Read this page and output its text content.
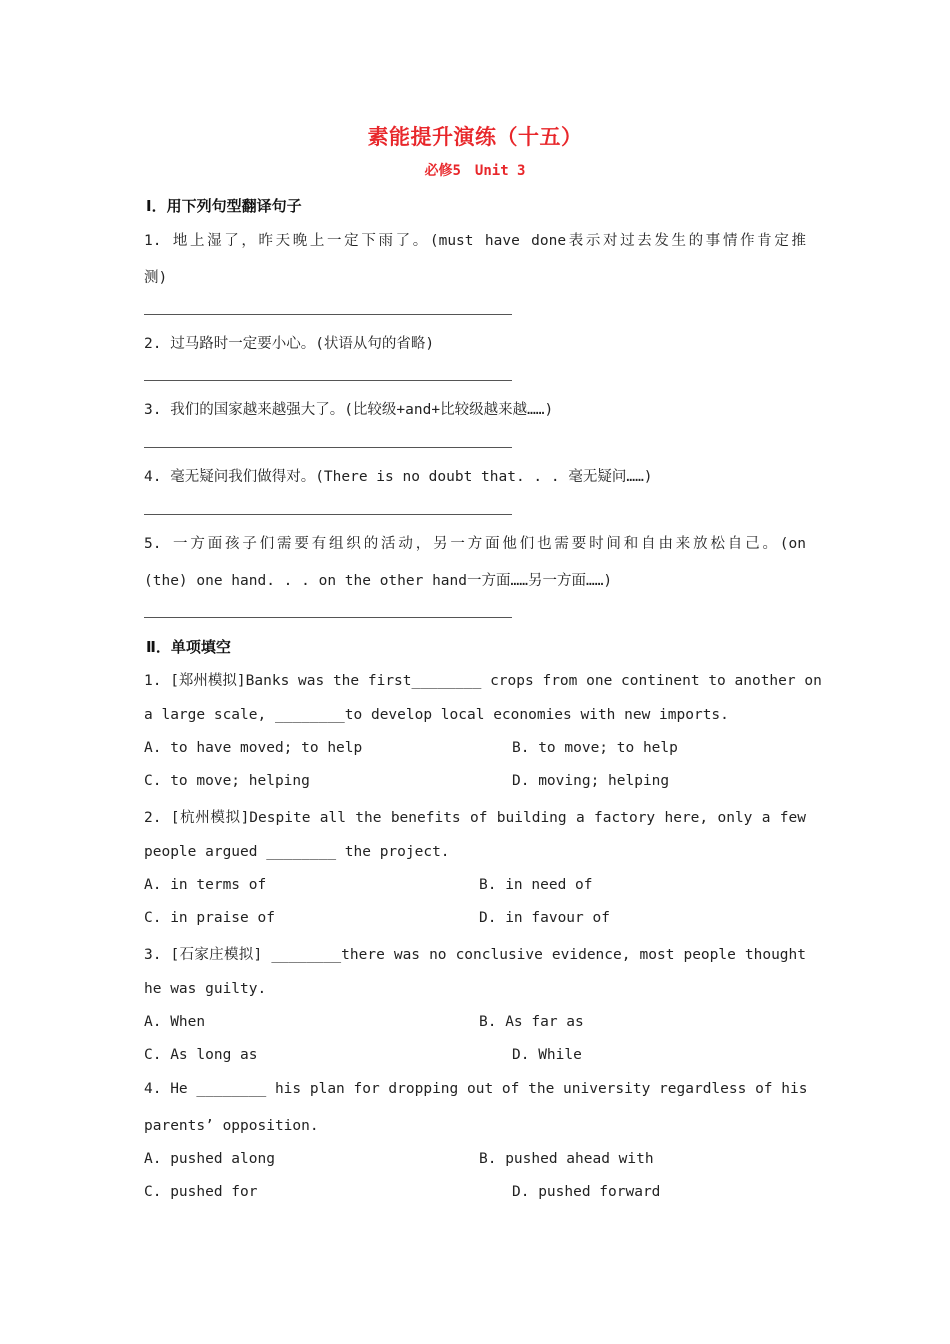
素能提升演练（十五）
必修5　Unit 3
Ⅰ．用下列句型翻译句子
1. 地上湿了，昨天晚上一定下雨了。(must have done表示对过去发生的事情作肯定推
测)
2. 过马路时一定要小心。(状语从句的省略)
3. 我们的国家越来越强大了。(比较级+and+比较级越来越……)
4. 毫无疑问我们做得对。(There is no doubt that. . . 毫无疑问……)
5. 一方面孩子们需要有组织的活动，另一方面他们也需要时间和自由来放松自己。(on
(the) one hand. . . on the other hand一方面……另一方面……)
Ⅱ．单项填空
1. [郑州模拟]Banks was the first________ crops from one continent to another on
a large scale, ________to develop local economies with new imports.
A. to have moved; to help	B. to move; to help
C. to move; helping	D. moving; helping
2. [杭州模拟]Despite all the benefits of building a factory here, only a few
people argued ________ the project.
A. in terms of	B. in need of
C. in praise of	D. in favour of
3. [石家庄模拟] ________there was no conclusive evidence, most people thought
he was guilty.
A. When	B. As far as
C. As long as	D. While
4. He ________ his plan for dropping out of the university regardless of his
parents’ opposition.
A. pushed along	B. pushed ahead with
C. pushed for	D. pushed forward
